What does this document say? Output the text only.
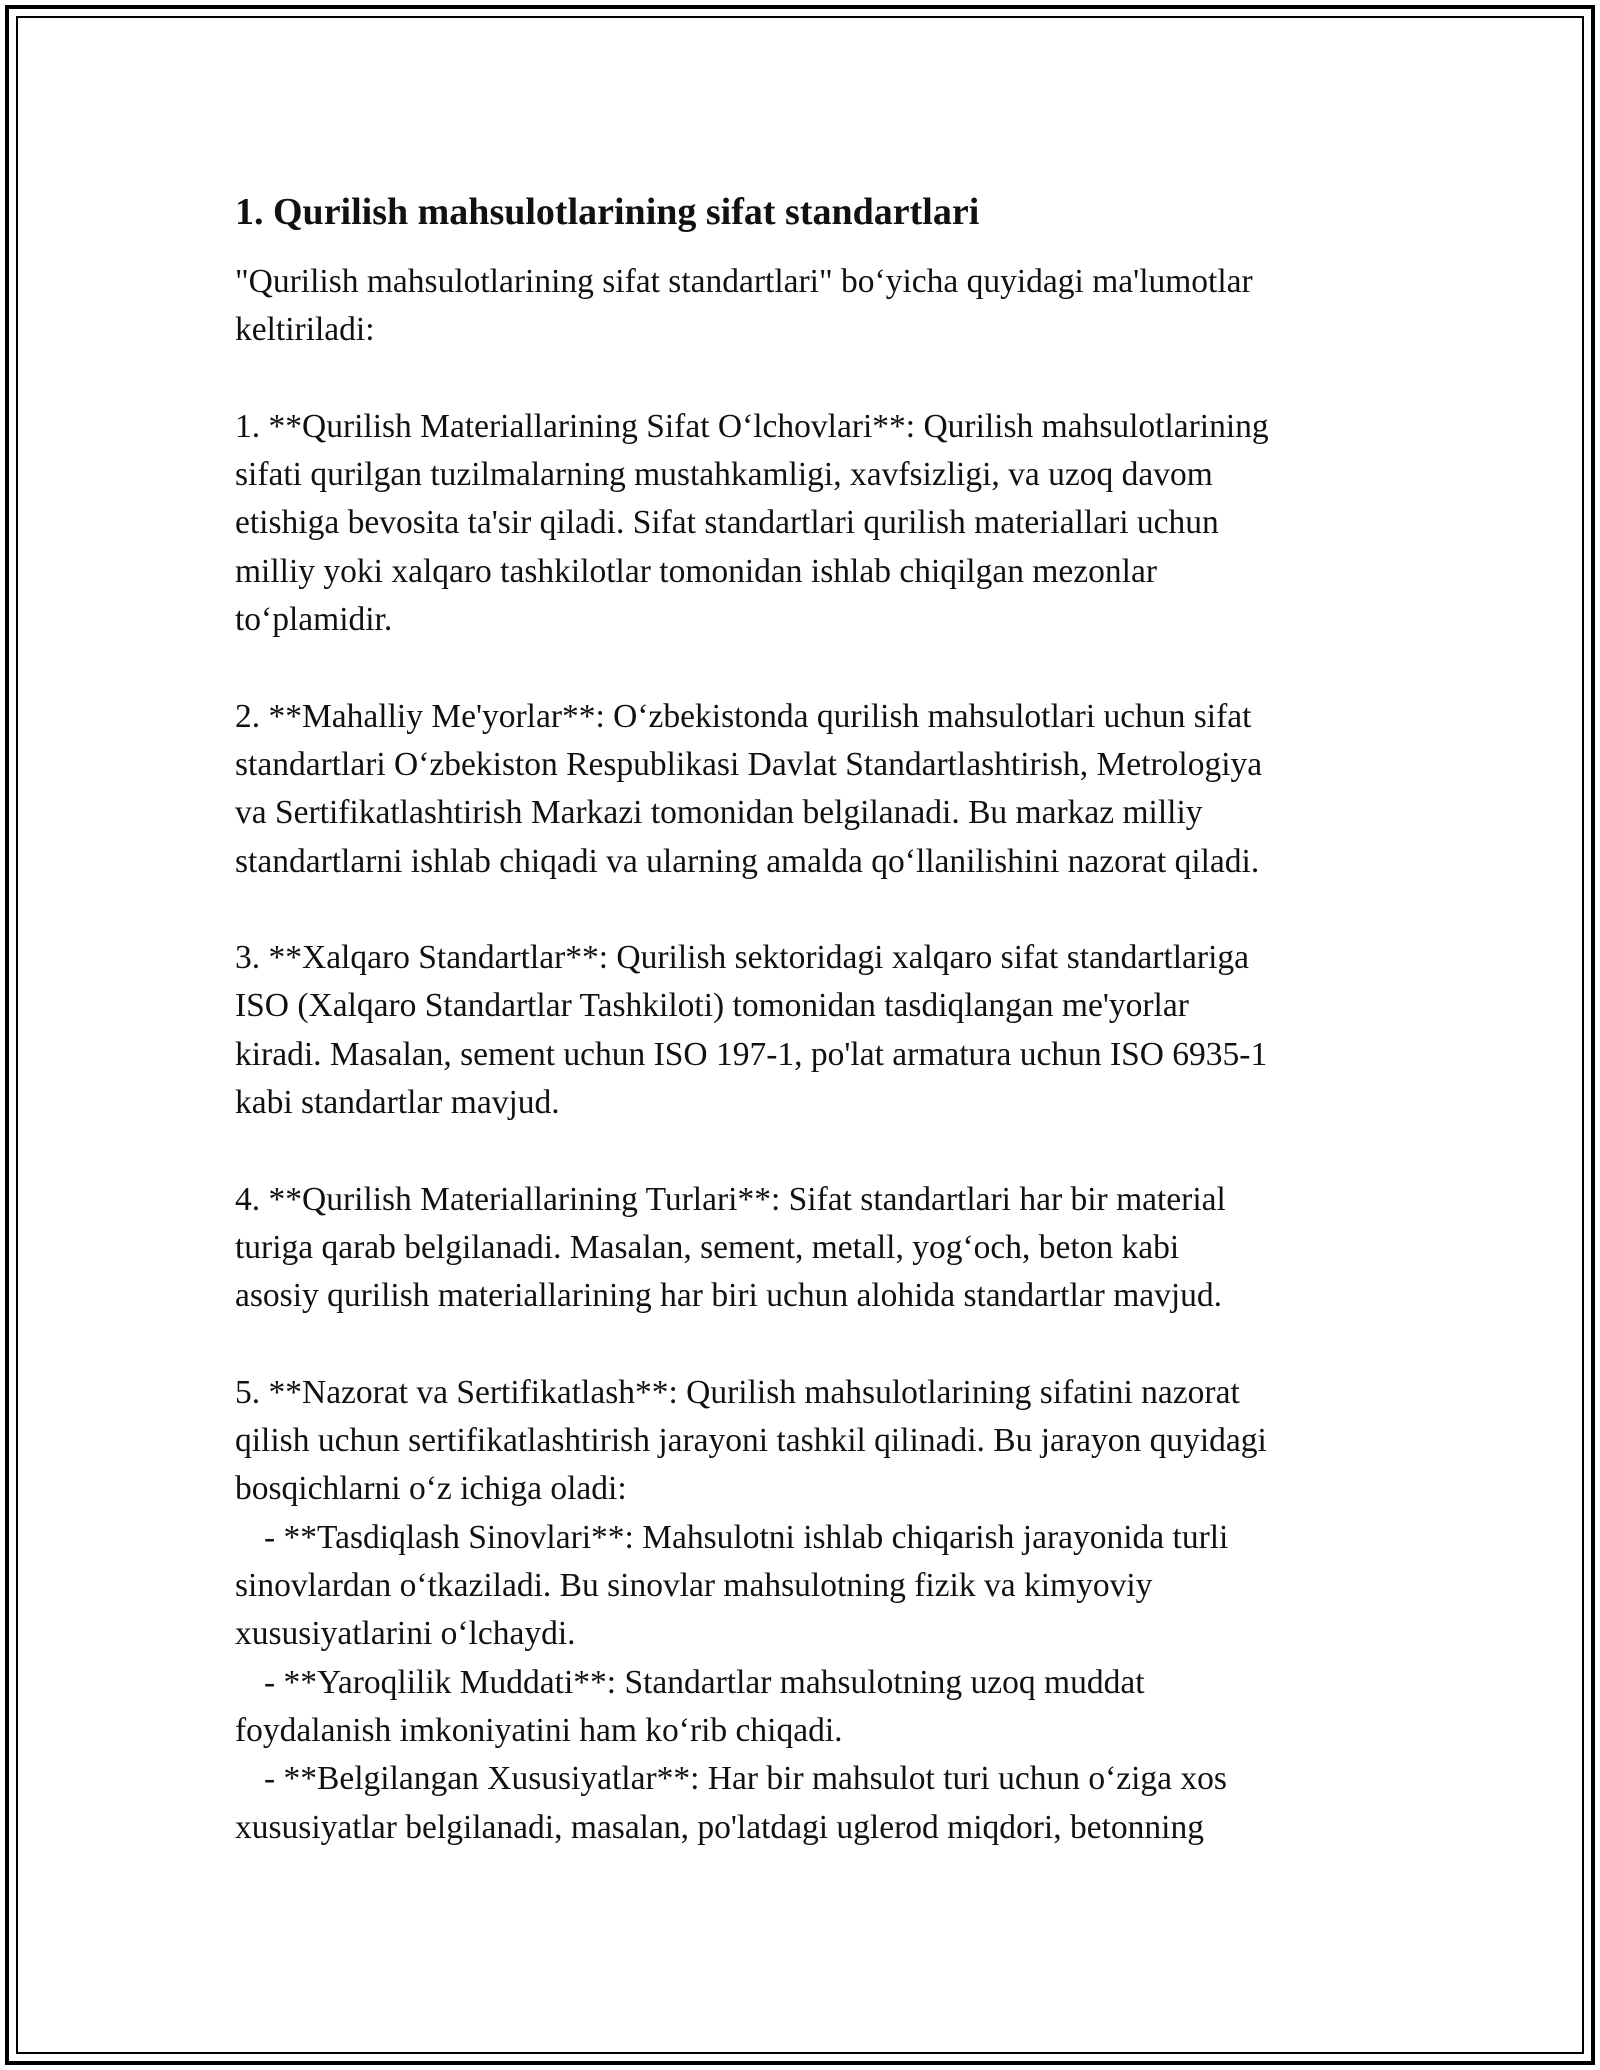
1. Qurilish mahsulotlarining sifat standartlari

"Qurilish mahsulotlarining sifat standartlari" bo‘yicha quyidagi ma'lumotlar
keltiriladi:

1. **Qurilish Materiallarining Sifat O‘lchovlari**: Qurilish mahsulotlarining
sifati qurilgan tuzilmalarning mustahkamligi, xavfsizligi, va uzoq davom
etishiga bevosita ta'sir qiladi. Sifat standartlari qurilish materiallari uchun
milliy yoki xalqaro tashkilotlar tomonidan ishlab chiqilgan mezonlar
to‘plamidir.

2. **Mahalliy Me'yorlar**: O‘zbekistonda qurilish mahsulotlari uchun sifat
standartlari O‘zbekiston Respublikasi Davlat Standartlashtirish, Metrologiya
va Sertifikatlashtirish Markazi tomonidan belgilanadi. Bu markaz milliy
standartlarni ishlab chiqadi va ularning amalda qo‘llanilishini nazorat qiladi.

3. **Xalqaro Standartlar**: Qurilish sektoridagi xalqaro sifat standartlariga
ISO (Xalqaro Standartlar Tashkiloti) tomonidan tasdiqlangan me'yorlar
kiradi. Masalan, sement uchun ISO 197-1, po'lat armatura uchun ISO 6935-1
kabi standartlar mavjud.

4. **Qurilish Materiallarining Turlari**: Sifat standartlari har bir material
turiga qarab belgilanadi. Masalan, sement, metall, yog‘och, beton kabi
asosiy qurilish materiallarining har biri uchun alohida standartlar mavjud.

5. **Nazorat va Sertifikatlash**: Qurilish mahsulotlarining sifatini nazorat
qilish uchun sertifikatlashtirish jarayoni tashkil qilinadi. Bu jarayon quyidagi
bosqichlarni o‘z ichiga oladi:

- **Tasdiqlash Sinovlari**: Mahsulotni ishlab chiqarish jarayonida turli

sinovlardan o‘tkaziladi. Bu sinovlar mahsulotning fizik va kimyoviy
xususiyatlarini o‘lchaydi.

- **Yaroqlilik Muddati**: Standartlar mahsulotning uzoq muddat

foydalanish imkoniyatini ham ko‘rib chiqadi.

- **Belgilangan Xususiyatlar**: Har bir mahsulot turi uchun o‘ziga xos

xususiyatlar belgilanadi, masalan, po'latdagi uglerod miqdori, betonning
